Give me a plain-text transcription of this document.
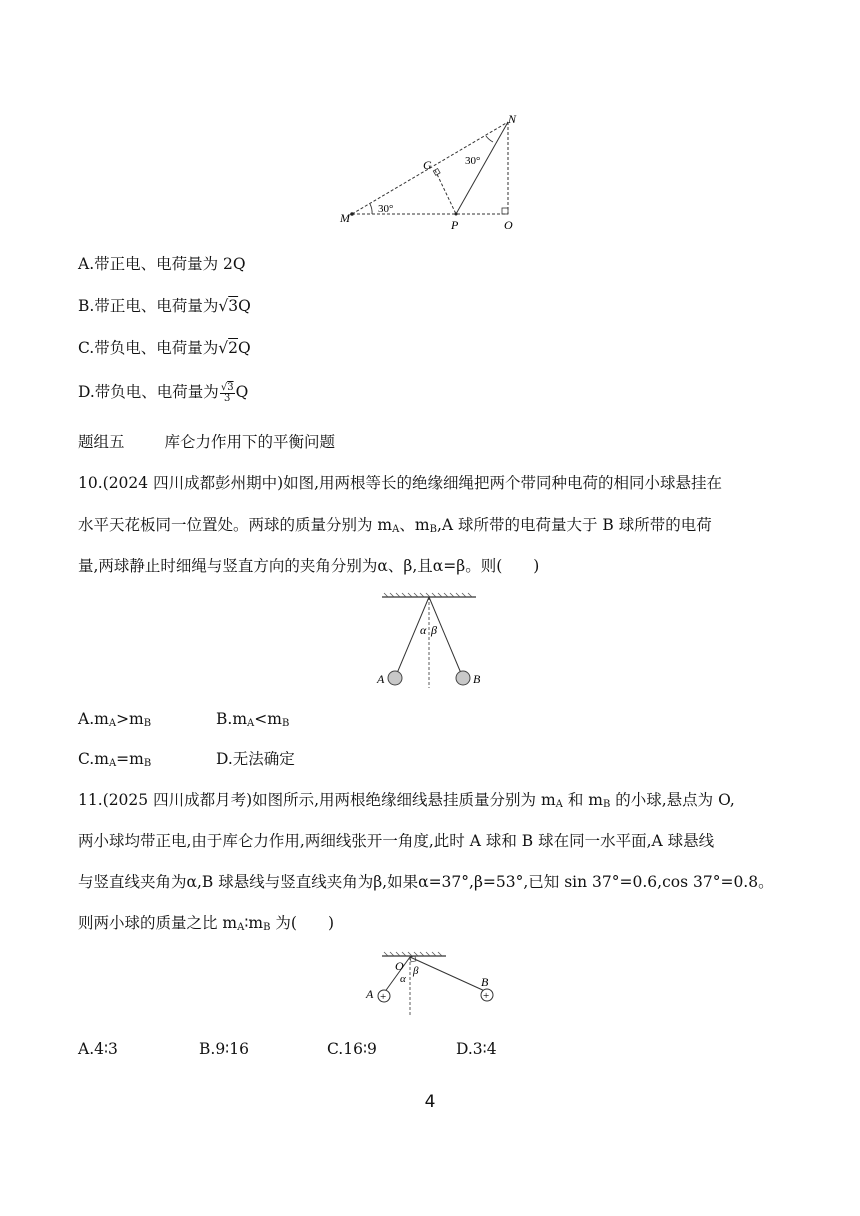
M
G
N
P	O
30°
30°
A.带正电、电荷量为 2Q
B.带正电、电荷量为√3Q
C.带负电、电荷量为√2Q
D.带负电、电荷量为 $\frac{√3}{3}$ Q
题组五	库仑力作用下的平衡问题
10.(2024 四川成都彭州期中)如图,用两根等长的绝缘细绳把两个带同种电荷的相同小球悬挂在
水平天花板同一位置处。两球的质量分别为 $m_A$、$m_B,A$ 球所带的电荷量大于 B 球所带的电荷
量,两球静止时细绳与竖直方向的夹角分别为α、β,且α=β。则(　　)
A	B
α β
$A.m_A>m_B$	$B.m_A<m_B$
$C.m_A=m_B$	D.无法确定
11.(2025 四川成都月考)如图所示,用两根绝缘细线悬挂质量分别为 $m_A$ 和 $m_B$ 的小球,悬点为 O,
两小球均带正电,由于库仑力作用,两细线张开一角度,此时 A 球和 B 球在同一水平面,A 球悬线
与竖直线夹角为α,B 球悬线与竖直线夹角为β,如果α=37°,β=53°,已知 sin 37°=0.6,cos 37°=0.8。
则两小球的质量之比 $m_A∶m_B$ 为(　　)
+	+
O
A
B
α
β
A.4∶3	B.9∶16	C.16∶9	D.3∶4
4
